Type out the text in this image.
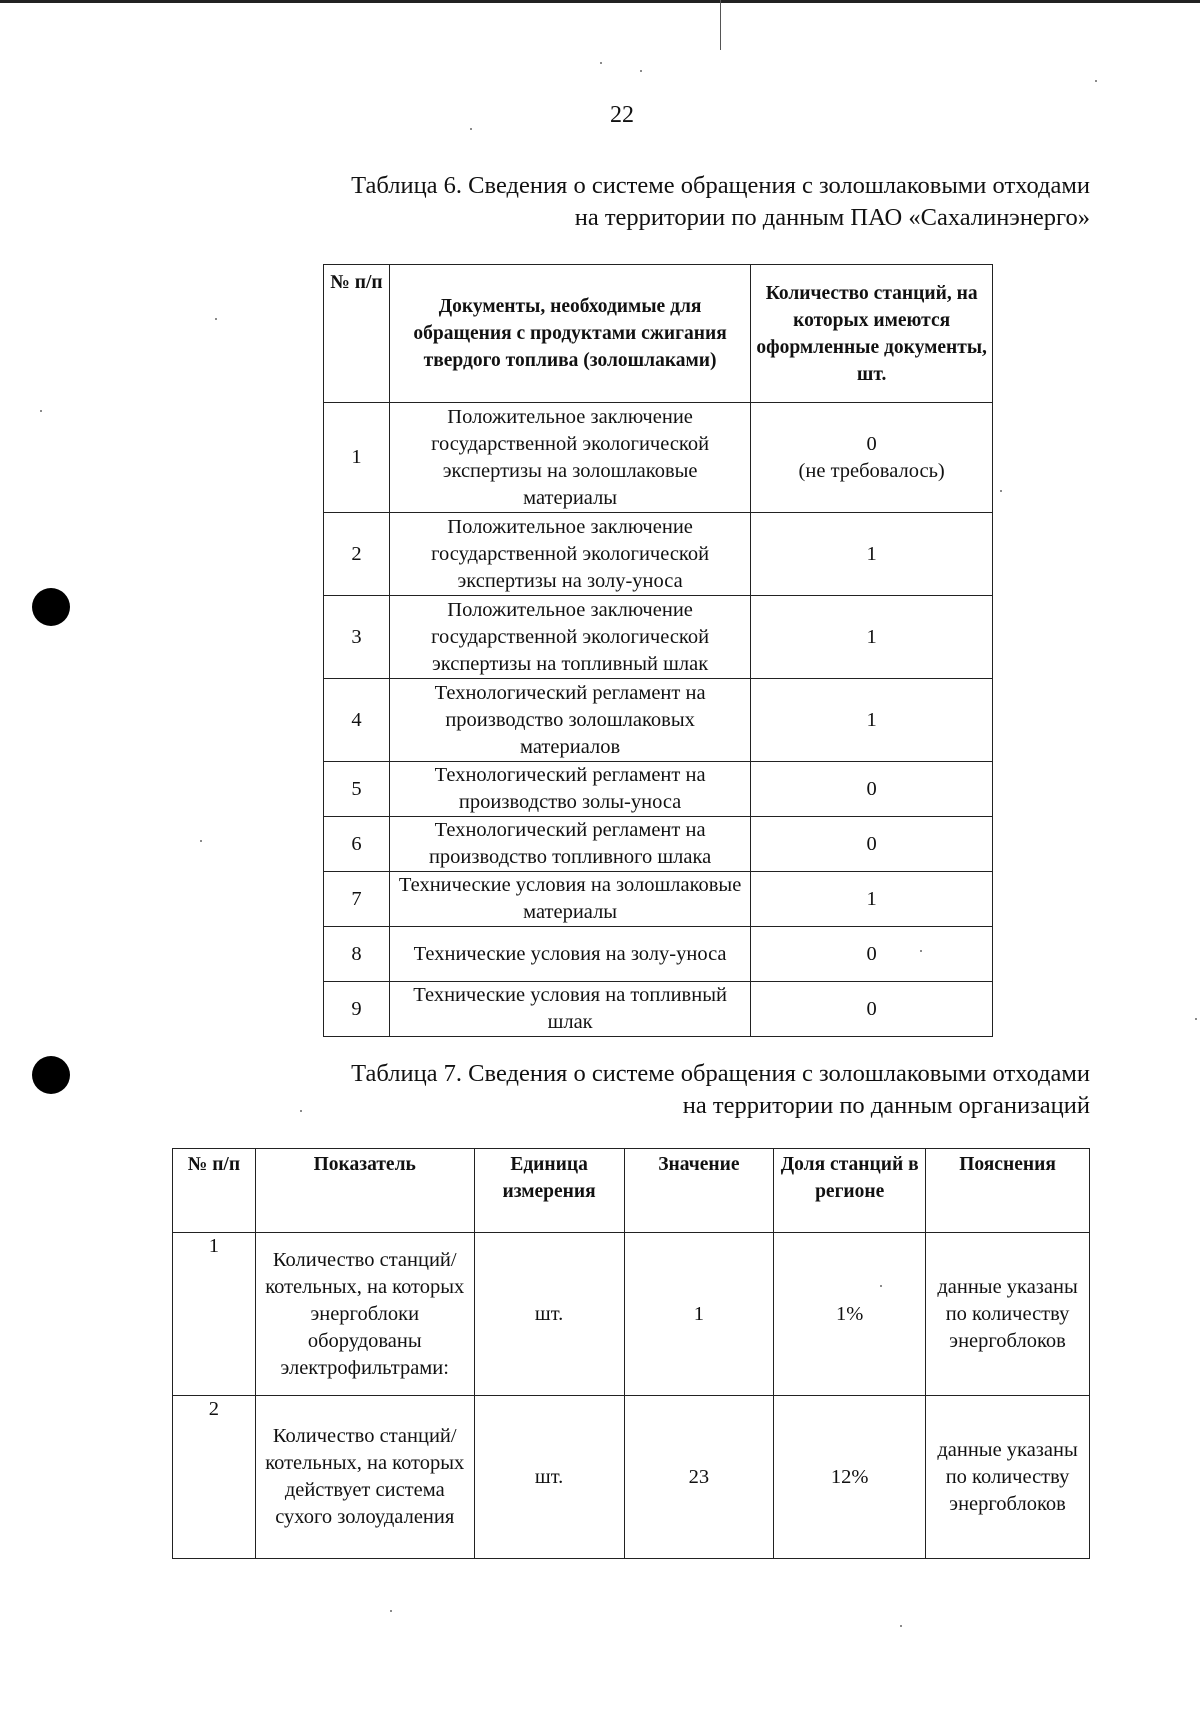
22
Таблица 6. Сведения о системе обращения с золошлаковыми отходами
на территории по данным ПАО «Сахалинэнерго»
№ п/п	Документы, необходимые для обращения с продуктами сжигания твердого топлива (золошлаками)	Количество станций, на которых имеются оформленные документы, шт.
1	Положительное заключение государственной экологической экспертизы на золошлаковые материалы	0
(не требовалось)

2	Положительное заключение государственной экологической экспертизы на золу-уноса	1
3	Положительное заключение государственной экологической экспертизы на топливный шлак	1
4	Технологический регламент на производство золошлаковых материалов	1
5	Технологический регламент на производство золы-уноса	0
6	Технологический регламент на производство топливного шлака	0
7	Технические условия на золошлаковые материалы	1
8	Технические условия на золу-уноса	0
9	Технические условия на топливный шлак	0
Таблица 7. Сведения о системе обращения с золошлаковыми отходами
на территории по данным организаций
№ п/п	Показатель	Единица измерения	Значение	Доля станций в регионе	Пояснения
1	Количество станций/котельных, на которых энергоблоки оборудованы электрофильтрами:	шт.	1	1%	данные указаны по количеству энергоблоков
2	Количество станций/котельных, на которых действует система сухого золоудаления	шт.	23	12%	данные указаны по количеству энергоблоков
